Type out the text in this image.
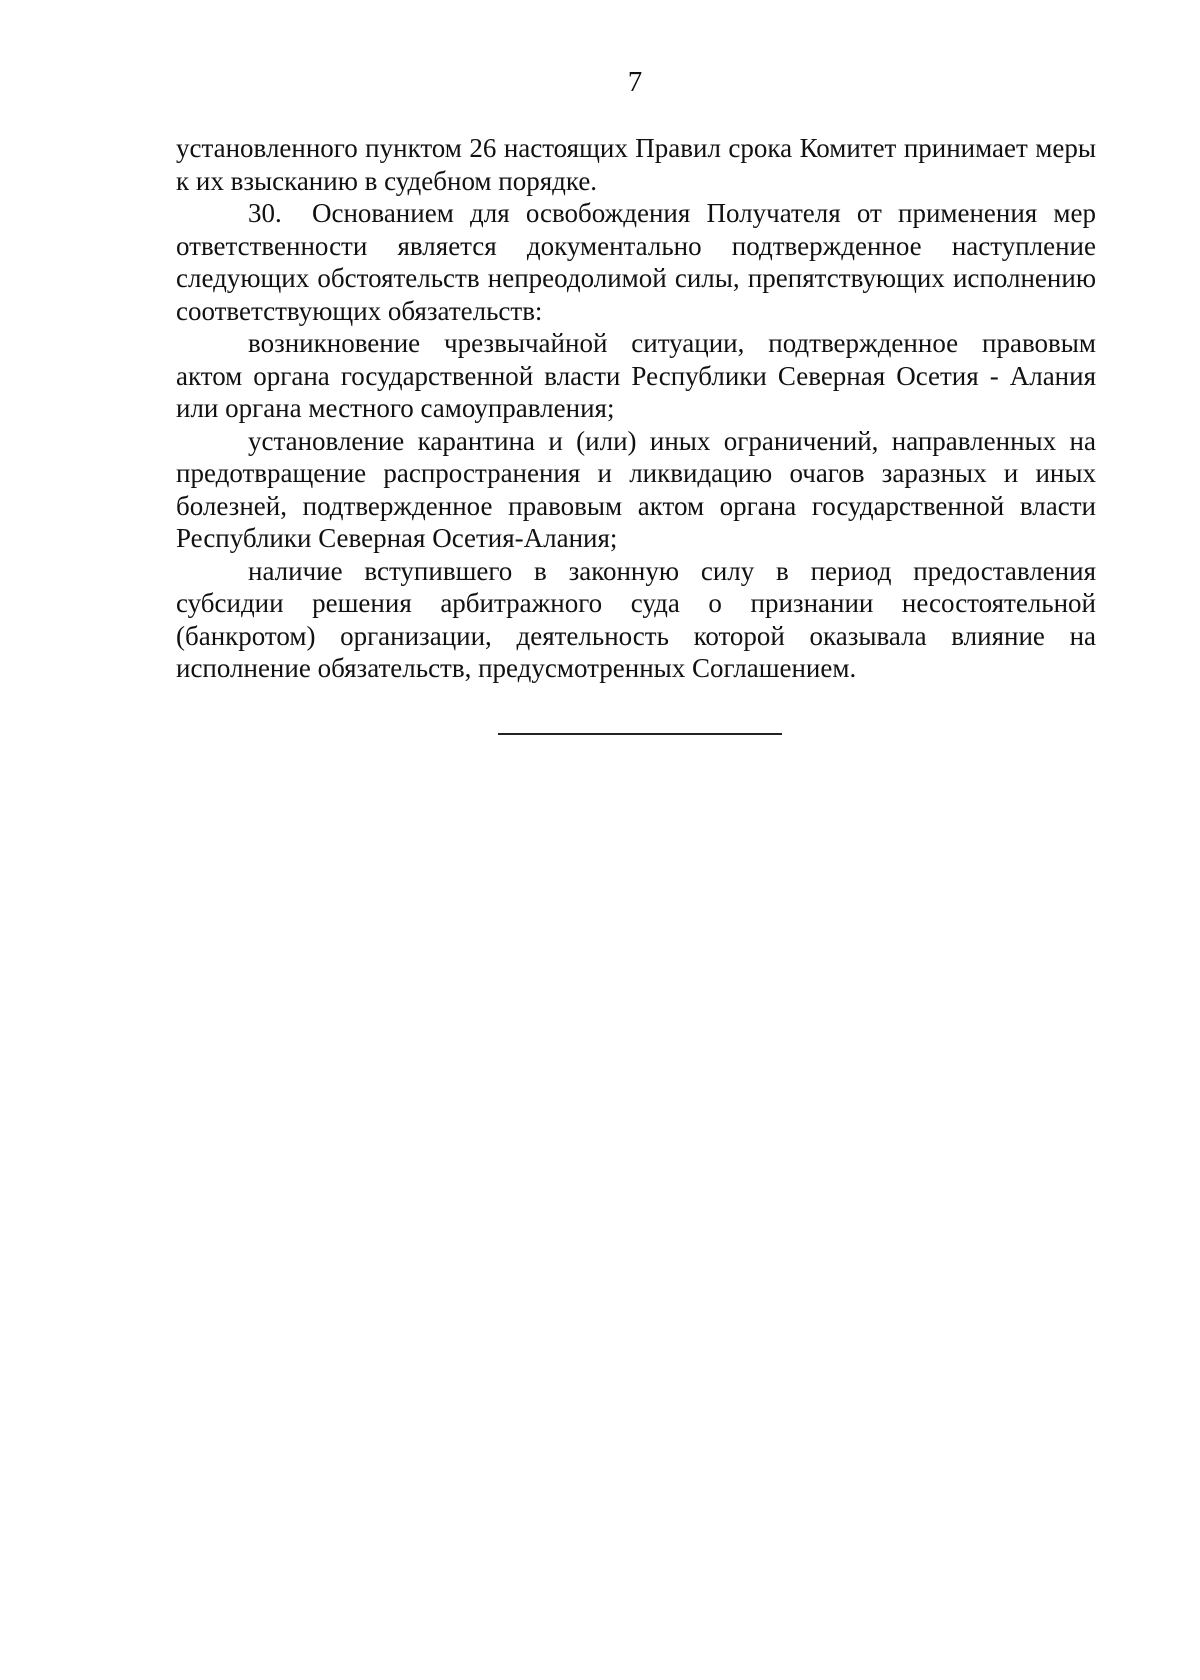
7

установленного пунктом 26 настоящих Правил срока Комитет принимает меры к их взысканию в судебном порядке.

30. Основанием для освобождения Получателя от применения мер ответственности является документально подтвержденное наступление следующих обстоятельств непреодолимой силы, препятствующих исполнению соответствующих обязательств:

возникновение чрезвычайной ситуации, подтвержденное правовым актом органа государственной власти Республики Северная Осетия - Алания или органа местного самоуправления;

установление карантина и (или) иных ограничений, направленных на предотвращение распространения и ликвидацию очагов заразных и иных болезней, подтвержденное правовым актом органа государственной власти Республики Северная Осетия-Алания;

наличие вступившего в законную силу в период предоставления субсидии решения арбитражного суда о признании несостоятельной (банкротом) организации, деятельность которой оказывала влияние на исполнение обязательств, предусмотренных Соглашением.
